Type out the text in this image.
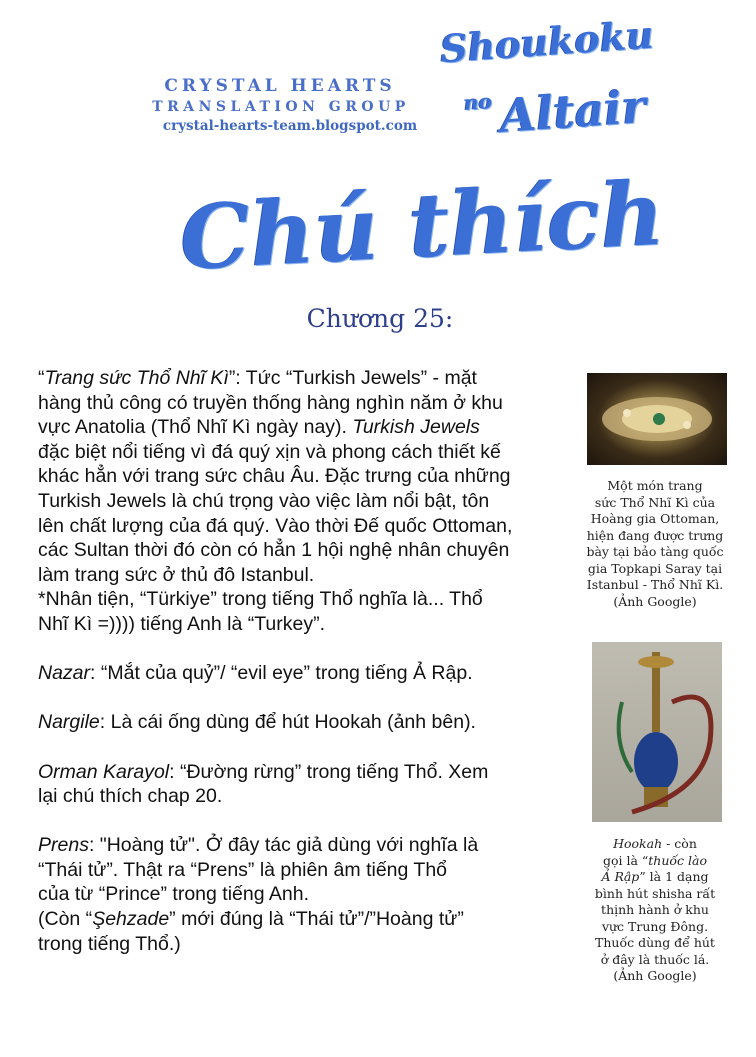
CRYSTAL HEARTS
TRANSLATION GROUP
crystal-hearts-team.blogspot.com
Shoukoku
no Altair
Chú thích
Chương 25:
“Trang sức Thổ Nhĩ Kì”: Tức “Turkish Jewels” - mặt
hàng thủ công có truyền thống hàng nghìn năm ở khu
vực Anatolia (Thổ Nhĩ Kì ngày nay). Turkish Jewels
đặc biệt nổi tiếng vì đá quý xịn và phong cách thiết kế
khác hẳn với trang sức châu Âu. Đặc trưng của những
Turkish Jewels là chú trọng vào việc làm nổi bật, tôn
lên chất lượng của đá quý. Vào thời Đế quốc Ottoman,
các Sultan thời đó còn có hẳn 1 hội nghệ nhân chuyên
làm trang sức ở thủ đô Istanbul.
*Nhân tiện, “Türkiye” trong tiếng Thổ nghĩa là... Thổ
Nhĩ Kì =)))) tiếng Anh là “Turkey”.

Nazar: “Mắt của quỷ”/ “evil eye” trong tiếng Ả Rập.

Nargile: Là cái ống dùng để hút Hookah (ảnh bên).

Orman Karayol: “Đường rừng” trong tiếng Thổ. Xem
lại chú thích chap 20.

Prens: "Hoàng tử". Ở đây tác giả dùng với nghĩa là
“Thái tử”. Thật ra “Prens” là phiên âm tiếng Thổ
của từ “Prince” trong tiếng Anh.
(Còn “Şehzade” mới đúng là “Thái tử”/”Hoàng tử”
trong tiếng Thổ.)
Một món trang
sức Thổ Nhĩ Kì của
Hoàng gia Ottoman,
hiện đang được trưng
bày tại bảo tàng quốc
gia Topkapi Saray tại
Istanbul - Thổ Nhĩ Kì.
(Ảnh Google)
Hookah - còn
gọi là “thuốc lào
Ả Rập” là 1 dạng
bình hút shisha rất
thịnh hành ở khu
vực Trung Đông.
Thuốc dùng để hút
ở đây là thuốc lá.
(Ảnh Google)
